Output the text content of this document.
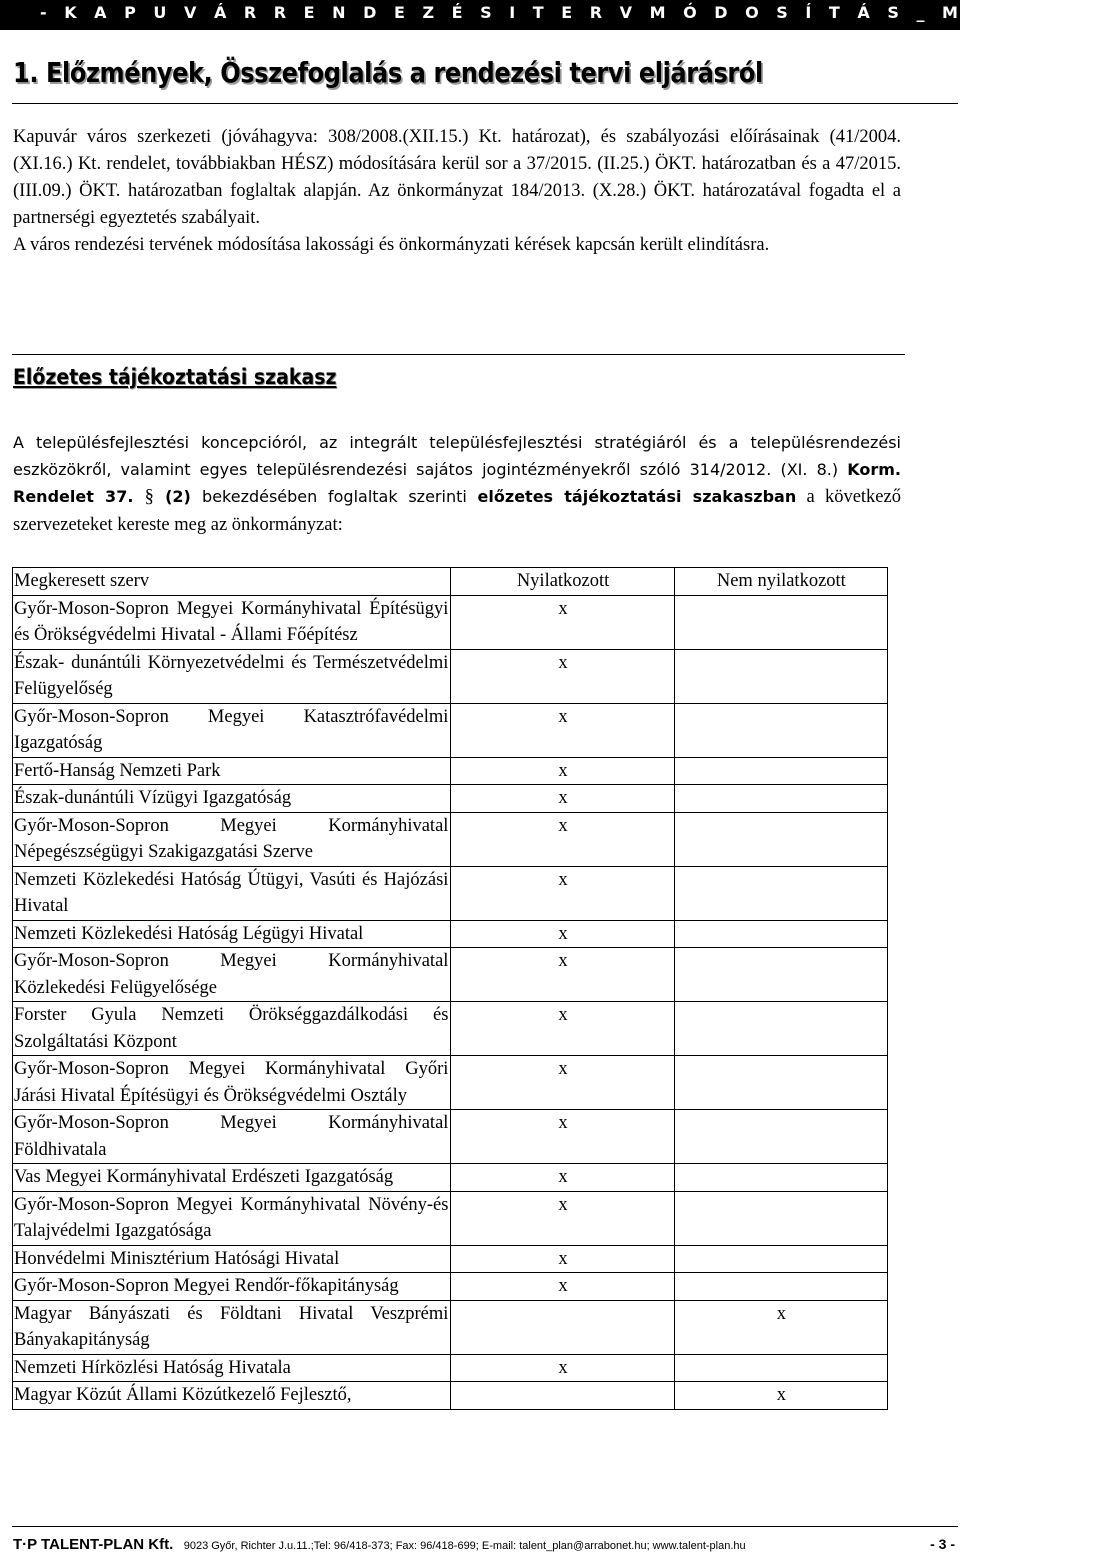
- K A P U V Á R R E N D E Z É S I T E R V M Ó D O S Í T Á S _ Msz: 15015-
1. Előzmények, Összefoglalás a rendezési tervi eljárásról

Kapuvár város szerkezeti (jóváhagyva: 308/2008.(XII.15.) Kt. határozat), és szabályozási előírásainak (41/2004. (XI.16.) Kt. rendelet, továbbiakban HÉSZ) módosítására kerül sor a 37/2015. (II.25.) ÖKT. határozatban és a 47/2015. (III.09.) ÖKT. határozatban foglaltak alapján. Az önkormányzat 184/2013. (X.28.) ÖKT. határozatával fogadta el a partnerségi egyeztetés szabályait.

A város rendezési tervének módosítása lakossági és önkormányzati kérések kapcsán került elindításra.

Előzetes tájékoztatási szakasz
A településfejlesztési koncepcióról, az integrált településfejlesztési stratégiáról és a településrendezési eszközökről, valamint egyes településrendezési sajátos jogintézményekről szóló 314/2012. (XI. 8.) Korm. Rendelet 37. § (2) bekezdésében foglaltak szerinti előzetes tájékoztatási szakaszban a következő szervezeteket kereste meg az önkormányzat:
Megkeresett szerv	Nyilatkozott	Nem nyilatkozott
Győr-Moson-Sopron Megyei Kormányhivatal Építésügyi és Örökségvédelmi Hivatal - Állami Főépítész	x	
Észak- dunántúli Környezetvédelmi és Természetvédelmi Felügyelőség	x	
Győr-Moson-Sopron Megyei Katasztrófavédelmi Igazgatóság	x	
Fertő-Hanság Nemzeti Park	x	
Észak-dunántúli Vízügyi Igazgatóság	x	
Győr-Moson-Sopron Megyei Kormányhivatal Népegészségügyi Szakigazgatási Szerve	x	
Nemzeti Közlekedési Hatóság Útügyi, Vasúti és Hajózási Hivatal	x	
Nemzeti Közlekedési Hatóság Légügyi Hivatal	x	
Győr-Moson-Sopron Megyei Kormányhivatal Közlekedési Felügyelősége	x	
Forster Gyula Nemzeti Örökséggazdálkodási és Szolgáltatási Központ	x	
Győr-Moson-Sopron Megyei Kormányhivatal Győri Járási Hivatal Építésügyi és Örökségvédelmi Osztály	x	
Győr-Moson-Sopron Megyei Kormányhivatal Földhivatala	x	
Vas Megyei Kormányhivatal Erdészeti Igazgatóság	x	
Győr-Moson-Sopron Megyei Kormányhivatal Növény-és Talajvédelmi Igazgatósága	x	
Honvédelmi Minisztérium Hatósági Hivatal	x	
Győr-Moson-Sopron Megyei Rendőr-főkapitányság	x	
Magyar Bányászati és Földtani Hivatal Veszprémi Bányakapitányság		x
Nemzeti Hírközlési Hatóság Hivatala	x	
Magyar Közút Állami Közútkezelő Fejlesztő,		x
T·P TALENT-PLAN Kft. 9023 Győr, Richter J.u.11.;Tel: 96/418-373; Fax: 96/418-699; E-mail: talent_plan@arrabonet.hu; www.talent-plan.hu	- 3 -
